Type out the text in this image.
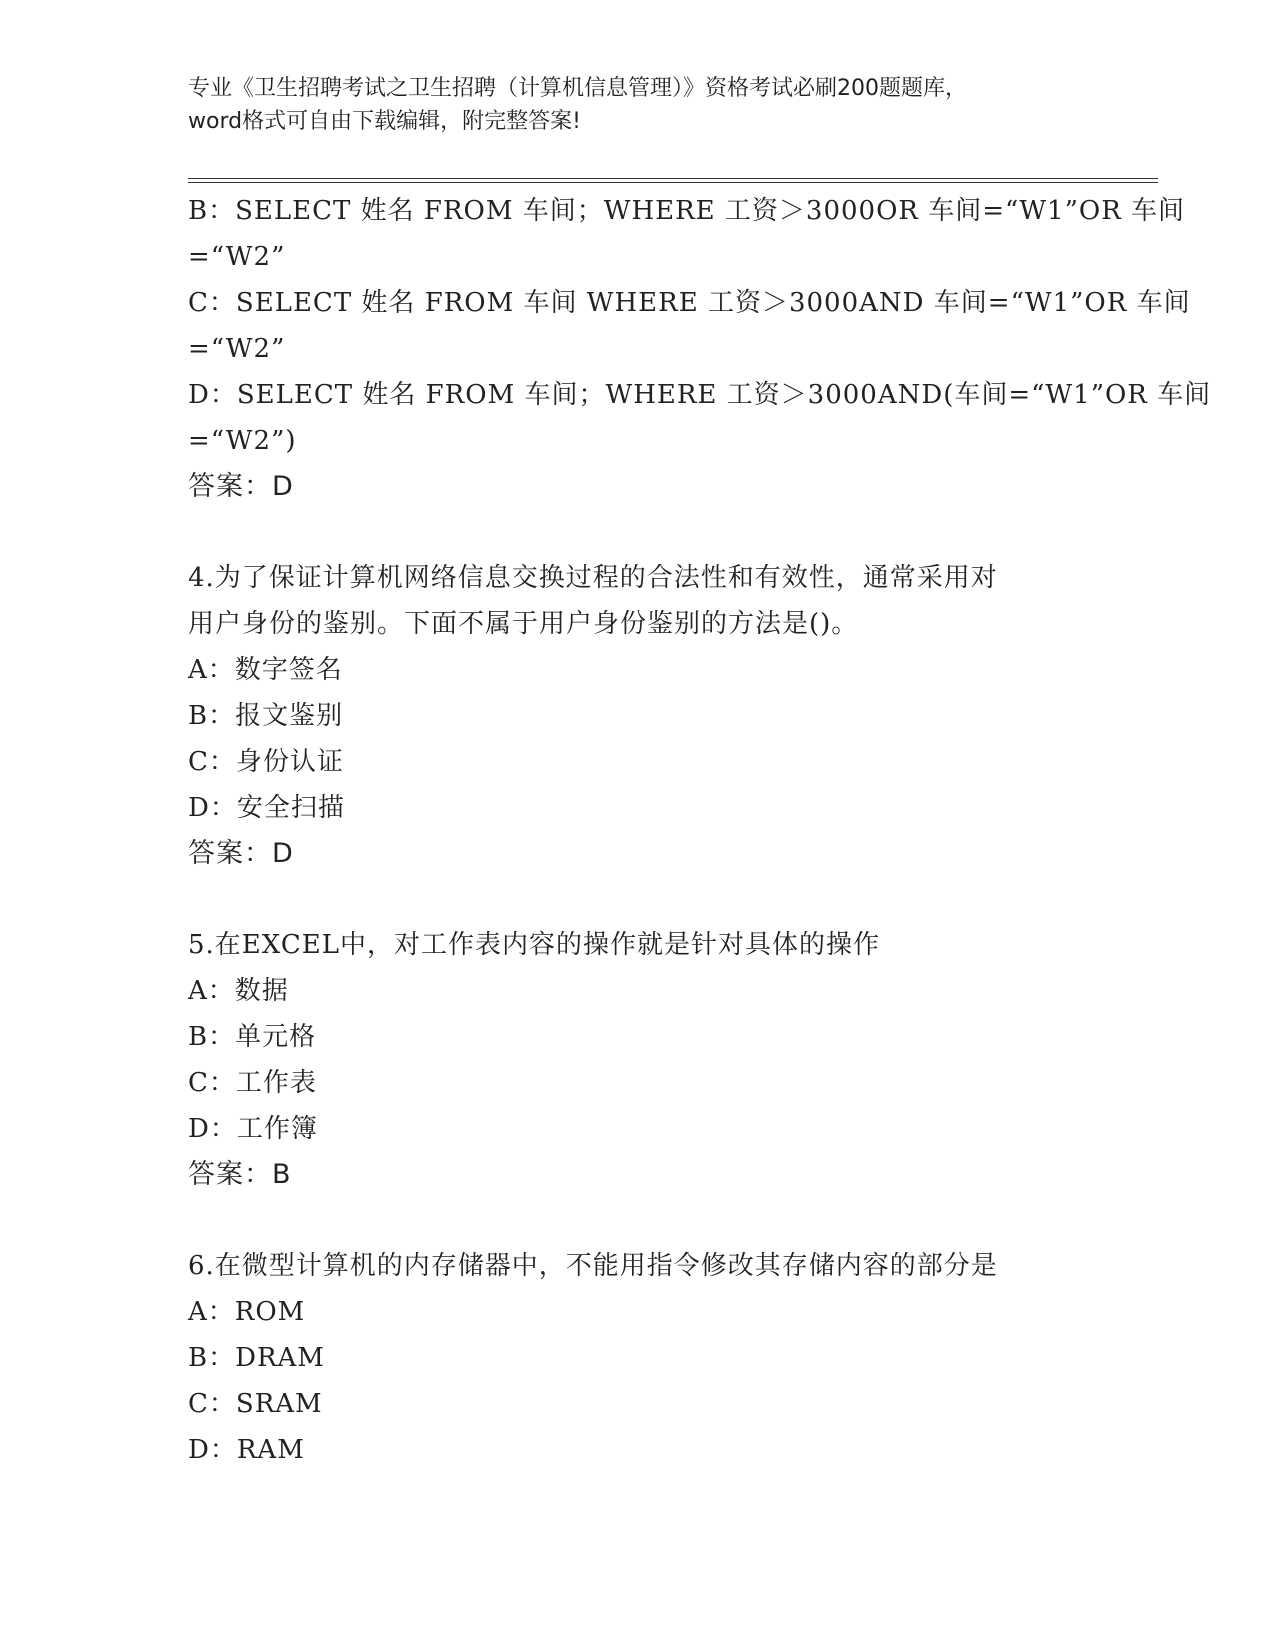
专业《卫生招聘考试之卫生招聘（计算机信息管理）》资格考试必刷200题题库，
word格式可自由下载编辑，附完整答案!
B：SELECT 姓名 FROM 车间；WHERE 工资＞3000OR 车间=“W1”OR 车间
=“W2”
C：SELECT 姓名 FROM 车间 WHERE 工资＞3000AND 车间=“W1”OR 车间
=“W2”
D：SELECT 姓名 FROM 车间；WHERE 工资＞3000AND(车间=“W1”OR 车间
=“W2”)
答案：D
4.为了保证计算机网络信息交换过程的合法性和有效性，通常采用对
用户身份的鉴别。下面不属于用户身份鉴别的方法是()。
A：数字签名
B：报文鉴别
C：身份认证
D：安全扫描
答案：D
5.在EXCEL中，对工作表内容的操作就是针对具体的操作
A：数据
B：单元格
C：工作表
D：工作簿
答案：B
6.在微型计算机的内存储器中，不能用指令修改其存储内容的部分是
A：ROM
B：DRAM
C：SRAM
D：RAM
